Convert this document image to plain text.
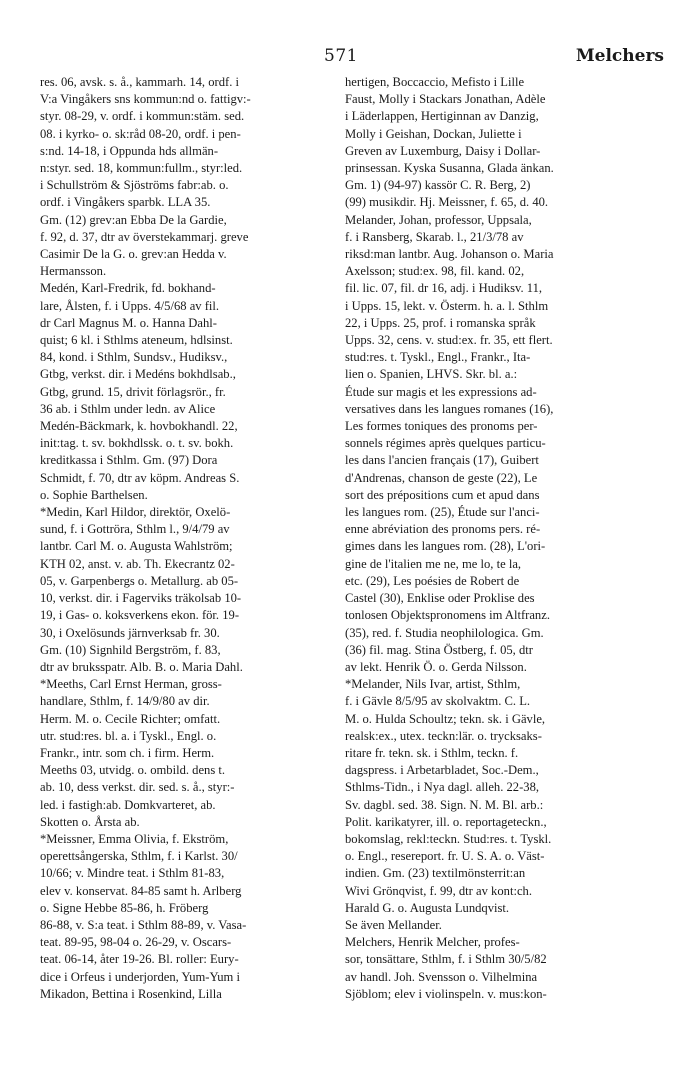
571	Melchers
res. 06, avsk. s. å., kammarh. 14, ordf. i
V:a Vingåkers sns kommun:nd o. fattigv:-
styr. 08-29, v. ordf. i kommun:stäm. sed.
08. i kyrko- o. sk:råd 08-20, ordf. i pen-
s:nd. 14-18, i Oppunda hds allmän-
n:styr. sed. 18, kommun:fullm., styr:led.
i Schullström & Sjöströms fabr:ab. o.
ordf. i Vingåkers sparbk. LLA 35.
Gm. (12) grev:an Ebba De la Gardie,
f. 92, d. 37, dtr av överstekammarj. greve
Casimir De la G. o. grev:an Hedda v.
Hermansson.
Medén, Karl-Fredrik, fd. bokhand-
lare, Ålsten, f. i Upps. 4/5/68 av fil.
dr Carl Magnus M. o. Hanna Dahl-
quist; 6 kl. i Sthlms ateneum, hdlsinst.
84, kond. i Sthlm, Sundsv., Hudiksv.,
Gtbg, verkst. dir. i Medéns bokhdlsab.,
Gtbg, grund. 15, drivit förlagsrör., fr.
36 ab. i Sthlm under ledn. av Alice
Medén-Bäckmark, k. hovbokhandl. 22,
init:tag. t. sv. bokhdlssk. o. t. sv. bokh.
kreditkassa i Sthlm. Gm. (97) Dora
Schmidt, f. 70, dtr av köpm. Andreas S.
o. Sophie Barthelsen.
*Medin, Karl Hildor, direktör, Oxelö-
sund, f. i Gottröra, Sthlm l., 9/4/79 av
lantbr. Carl M. o. Augusta Wahlström;
KTH 02, anst. v. ab. Th. Ekecrantz 02-
05, v. Garpenbergs o. Metallurg. ab 05-
10, verkst. dir. i Fagerviks träkolsab 10-
19, i Gas- o. koksverkens ekon. för. 19-
30, i Oxelösunds järnverksab fr. 30.
Gm. (10) Signhild Bergström, f. 83,
dtr av bruksspatr. Alb. B. o. Maria Dahl.
*Meeths, Carl Ernst Herman, gross-
handlare, Sthlm, f. 14/9/80 av dir.
Herm. M. o. Cecile Richter; omfatt.
utr. stud:res. bl. a. i Tyskl., Engl. o.
Frankr., intr. som ch. i firm. Herm.
Meeths 03, utvidg. o. ombild. dens t.
ab. 10, dess verkst. dir. sed. s. å., styr:-
led. i fastigh:ab. Domkvarteret, ab.
Skotten o. Årsta ab.
*Meissner, Emma Olivia, f. Ekström,
operettsångerska, Sthlm, f. i Karlst. 30/
10/66; v. Mindre teat. i Sthlm 81-83,
elev v. konservat. 84-85 samt h. Arlberg
o. Signe Hebbe 85-86, h. Fröberg
86-88, v. S:a teat. i Sthlm 88-89, v. Vasa-
teat. 89-95, 98-04 o. 26-29, v. Oscars-
teat. 06-14, åter 19-26. Bl. roller: Eury-
dice i Orfeus i underjorden, Yum-Yum i
Mikadon, Bettina i Rosenkind, Lilla
hertigen, Boccaccio, Mefisto i Lille
Faust, Molly i Stackars Jonathan, Adèle
i Läderlappen, Hertiginnan av Danzig,
Molly i Geishan, Dockan, Juliette i
Greven av Luxemburg, Daisy i Dollar-
prinsessan. Kyska Susanna, Glada änkan.
Gm. 1) (94-97) kassör C. R. Berg, 2)
(99) musikdir. Hj. Meissner, f. 65, d. 40.
Melander, Johan, professor, Uppsala,
f. i Ransberg, Skarab. l., 21/3/78 av
riksd:man lantbr. Aug. Johanson o. Maria
Axelsson; stud:ex. 98, fil. kand. 02,
fil. lic. 07, fil. dr 16, adj. i Hudiksv. 11,
i Upps. 15, lekt. v. Österm. h. a. l. Sthlm
22, i Upps. 25, prof. i romanska språk
Upps. 32, cens. v. stud:ex. fr. 35, ett flert.
stud:res. t. Tyskl., Engl., Frankr., Ita-
lien o. Spanien, LHVS. Skr. bl. a.:
Étude sur magis et les expressions ad-
versatives dans les langues romanes (16),
Les formes toniques des pronoms per-
sonnels régimes après quelques particu-
les dans l'ancien français (17), Guibert
d'Andrenas, chanson de geste (22), Le
sort des prépositions cum et apud dans
les langues rom. (25), Étude sur l'anci-
enne abréviation des pronoms pers. ré-
gimes dans les langues rom. (28), L'ori-
gine de l'italien me ne, me lo, te la,
etc. (29), Les poésies de Robert de
Castel (30), Enklise oder Proklise des
tonlosen Objektspronomens im Altfranz.
(35), red. f. Studia neophilologica. Gm.
(36) fil. mag. Stina Östberg, f. 05, dtr
av lekt. Henrik Ö. o. Gerda Nilsson.
*Melander, Nils Ivar, artist, Sthlm,
f. i Gävle 8/5/95 av skolvaktm. C. L.
M. o. Hulda Schoultz; tekn. sk. i Gävle,
realsk:ex., utex. teckn:lär. o. trycksaks-
ritare fr. tekn. sk. i Sthlm, teckn. f.
dagspress. i Arbetarbladet, Soc.-Dem.,
Sthlms-Tidn., i Nya dagl. alleh. 22-38,
Sv. dagbl. sed. 38. Sign. N. M. Bl. arb.:
Polit. karikatyrer, ill. o. reportageteckn.,
bokomslag, rekl:teckn. Stud:res. t. Tyskl.
o. Engl., resereport. fr. U. S. A. o. Väst-
indien. Gm. (23) textilmönsterrit:an
Wivi Grönqvist, f. 99, dtr av kont:ch.
Harald G. o. Augusta Lundqvist.
Se även Mellander.
Melchers, Henrik Melcher, profes-
sor, tonsättare, Sthlm, f. i Sthlm 30/5/82
av handl. Joh. Svensson o. Vilhelmina
Sjöblom; elev i violinspeln. v. mus:kon-
